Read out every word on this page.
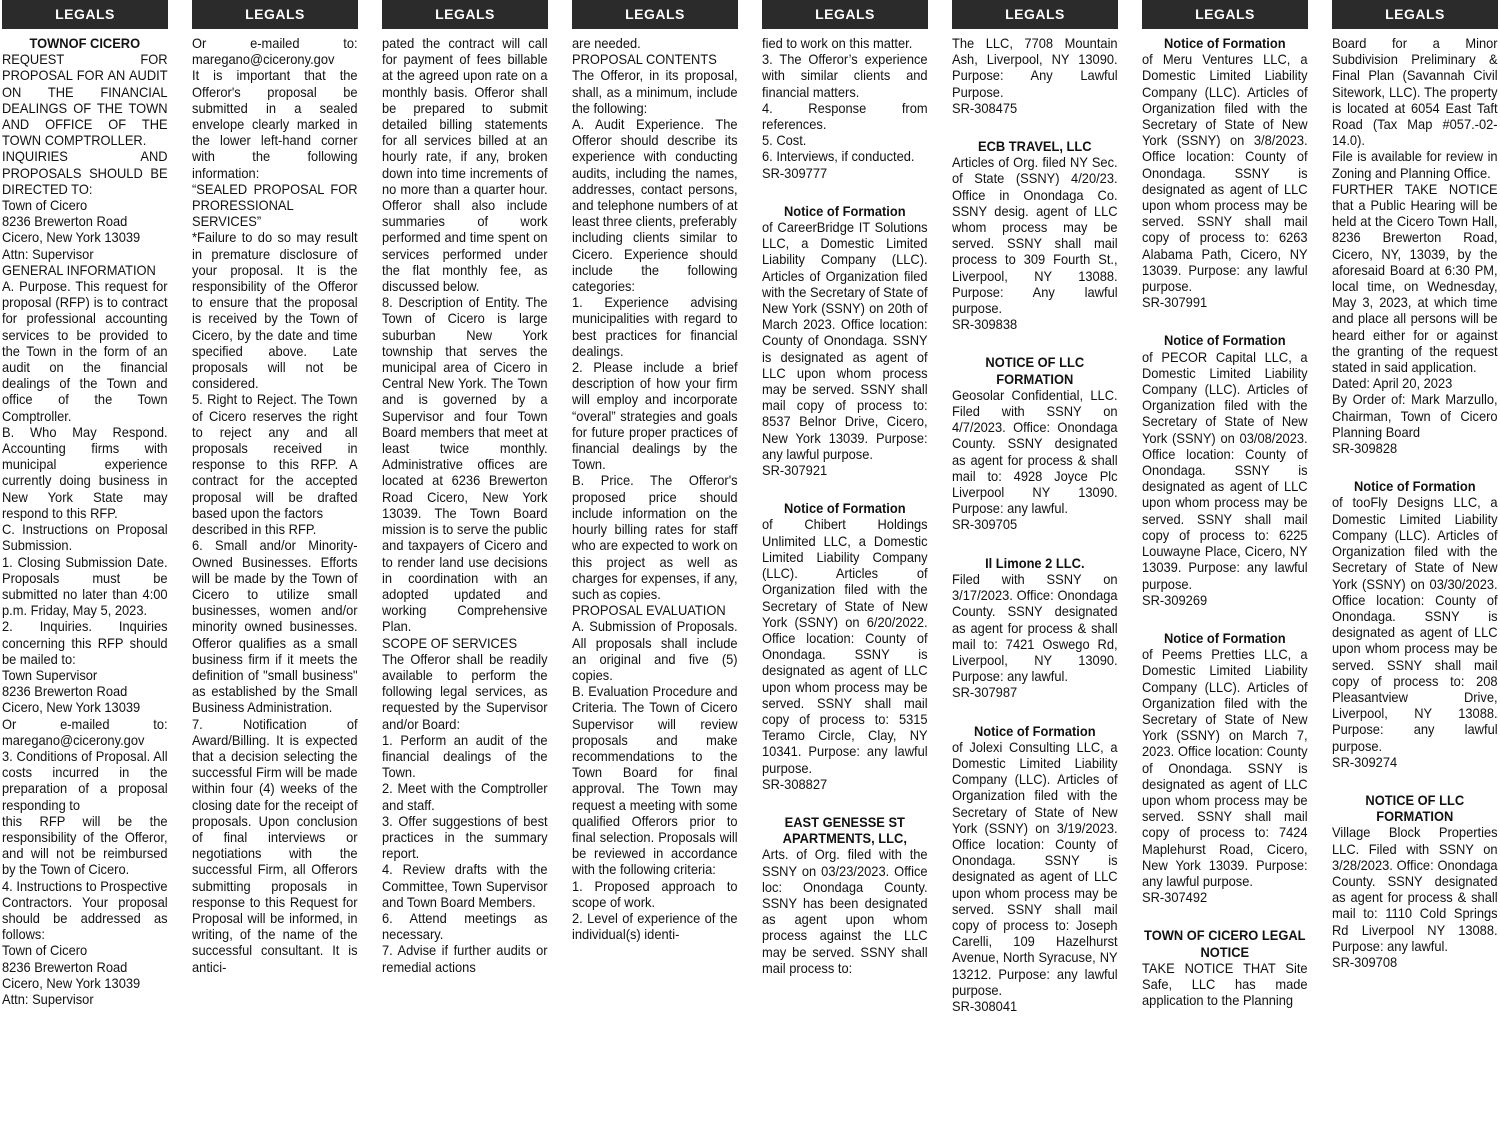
LEGALS
TOWNOF CICERO
REQUEST FOR PROPOSAL FOR AN AUDIT ON THE FINANCIAL DEALINGS OF THE TOWN AND OFFICE OF THE TOWN COMPTROLLER.
INQUIRIES AND PROPOSALS SHOULD BE DIRECTED TO:
Town of Cicero
8236 Brewerton Road
Cicero, New York 13039
Attn: Supervisor
GENERAL INFORMATION
A. Purpose. This request for proposal (RFP) is to contract for professional accounting services to be provided to the Town in the form of an audit on the financial dealings of the Town and office of the Town Comptroller.
B. Who May Respond. Accounting firms with municipal experience currently doing business in New York State may respond to this RFP.
C. Instructions on Proposal Submission.
1. Closing Submission Date. Proposals must be submitted no later than 4:00 p.m. Friday, May 5, 2023.
2. Inquiries. Inquiries concerning this RFP should be mailed to:
Town Supervisor
8236 Brewerton Road
Cicero, New York 13039
Or e-mailed to: maregano@cicerony.gov
3. Conditions of Proposal. All costs incurred in the preparation of a proposal responding to
this RFP will be the responsibility of the Offeror, and will not be reimbursed by the Town of Cicero.
4. Instructions to Prospective Contractors. Your proposal should be addressed as follows:
Town of Cicero
8236 Brewerton Road
Cicero, New York 13039
Attn: Supervisor
LEGALS
Or e-mailed to: maregano@cicerony.gov
It is important that the Offeror's proposal be submitted in a sealed envelope clearly marked in the lower left-hand corner with the following information:
“SEALED PROPOSAL FOR PRORESSIONAL SERVICES”
*Failure to do so may result in premature disclosure of your proposal. It is the responsibility of the Offeror to ensure that the proposal is received by the Town of Cicero, by the date and time specified above. Late proposals will not be considered.
5. Right to Reject. The Town of Cicero reserves the right to reject any and all proposals received in response to this RFP. A contract for the accepted proposal will be drafted based upon the factors
described in this RFP.
6. Small and/or Minority-Owned Businesses. Efforts will be made by the Town of Cicero to utilize small businesses, women and/or minority owned businesses. Offeror qualifies as a small business firm if it meets the definition of "small business" as established by the Small Business Administration.
7. Notification of Award/Billing. It is expected that a decision selecting the successful Firm will be made within four (4) weeks of the closing date for the receipt of proposals. Upon conclusion of final interviews or negotiations with the successful Firm, all Offerors submitting proposals in response to this Request for Proposal will be informed, in writing, of the name of the successful consultant. It is antici-
LEGALS
pated the contract will call for payment of fees billable at the agreed upon rate on a monthly basis. Offeror shall be prepared to submit detailed billing statements for all services billed at an hourly rate, if any, broken down into time increments of no more than a quarter hour. Offeror shall also include summaries of work performed and time spent on services performed under the flat monthly fee, as discussed below.
8. Description of Entity. The Town of Cicero is large suburban New York township that serves the municipal area of Cicero in Central New York. The Town and is governed by a Supervisor and four Town Board members that meet at least twice monthly. Administrative offices are located at 6236 Brewerton Road Cicero, New York 13039. The Town Board mission is to serve the public and taxpayers of Cicero and to render land use decisions in coordination with an adopted updated and working Comprehensive Plan.
SCOPE OF SERVICES
The Offeror shall be readily available to perform the following legal services, as requested by the Supervisor and/or Board:
1. Perform an audit of the financial dealings of the Town.
2. Meet with the Comptroller and staff.
3. Offer suggestions of best practices in the summary report.
4. Review drafts with the Committee, Town Supervisor and Town Board Members.
6. Attend meetings as necessary.
7. Advise if further audits or remedial actions
LEGALS
are needed.
PROPOSAL CONTENTS
The Offeror, in its proposal, shall, as a minimum, include the following:
A. Audit Experience. The Offeror should describe its experience with conducting audits, including the names, addresses, contact persons, and telephone numbers of at least three clients, preferably
including clients similar to Cicero. Experience should include the following categories:
1. Experience advising municipalities with regard to best practices for financial dealings.
2. Please include a brief description of how your firm will employ and incorporate “overal” strategies and goals for future proper practices of financial dealings by the Town.
B. Price. The Offeror's proposed price should include information on the hourly billing rates for staff who are expected to work on this project as well as charges for expenses, if any, such as copies.
PROPOSAL EVALUATION
A. Submission of Proposals. All proposals shall include an original and five (5) copies.
B. Evaluation Procedure and Criteria. The Town of Cicero Supervisor will review proposals and make recommendations to the Town Board for final approval. The Town may request a meeting with some qualified Offerors prior to final selection. Proposals will be reviewed in accordance with the following criteria:
1. Proposed approach to scope of work.
2. Level of experience of the individual(s) identi-
LEGALS
fied to work on this matter.
3. The Offeror’s experience with similar clients and financial matters.
4. Response from references.
5. Cost.
6. Interviews, if conducted.
SR-309777
Notice of Formation
of CareerBridge IT Solutions LLC, a Domestic Limited Liability Company (LLC). Articles of Organization filed with the Secretary of State of New York (SSNY) on 20th of March 2023. Office location: County of Onondaga. SSNY is designated as agent of LLC upon whom process may be served. SSNY shall mail copy of process to: 8537 Belnor Drive, Cicero, New York 13039. Purpose: any lawful purpose.
SR-307921
Notice of Formation
of Chibert Holdings Unlimited LLC, a Domestic Limited Liability Company (LLC). Articles of Organization filed with the Secretary of State of New York (SSNY) on 6/20/2022. Office location: County of Onondaga. SSNY is designated as agent of LLC upon whom process may be served. SSNY shall mail copy of process to: 5315 Teramo Circle, Clay, NY 10341. Purpose: any lawful purpose.
SR-308827
EAST GENESSE ST APARTMENTS, LLC,
Arts. of Org. filed with the SSNY on 03/23/2023. Office loc: Onondaga County. SSNY has been designated as agent upon whom process against the LLC may be served. SSNY shall mail process to:
LEGALS
The LLC, 7708 Mountain Ash, Liverpool, NY 13090. Purpose: Any Lawful Purpose.
SR-308475
ECB TRAVEL, LLC
Articles of Org. filed NY Sec. of State (SSNY) 4/20/23. Office in Onondaga Co. SSNY desig. agent of LLC whom process may be served. SSNY shall mail process to 309 Fourth St., Liverpool, NY 13088. Purpose: Any lawful purpose.
SR-309838
NOTICE OF LLC FORMATION
Geosolar Confidential, LLC. Filed with SSNY on 4/7/2023. Office: Onondaga County. SSNY designated as agent for process & shall mail to: 4928 Joyce Plc Liverpool NY 13090. Purpose: any lawful.
SR-309705
Il Limone 2 LLC.
Filed with SSNY on 3/17/2023. Office: Onondaga County. SSNY designated as agent for process & shall mail to: 7421 Oswego Rd, Liverpool, NY 13090. Purpose: any lawful.
SR-307987
Notice of Formation
of Jolexi Consulting LLC, a Domestic Limited Liability Company (LLC). Articles of Organization filed with the Secretary of State of New York (SSNY) on 3/19/2023. Office location: County of Onondaga. SSNY is designated as agent of LLC upon whom process may be served. SSNY shall mail copy of process to: Joseph Carelli, 109 Hazelhurst Avenue, North Syracuse, NY 13212. Purpose: any lawful purpose.
SR-308041
LEGALS
Notice of Formation
of Meru Ventures LLC, a Domestic Limited Liability Company (LLC). Articles of Organization filed with the Secretary of State of New York (SSNY) on 3/8/2023. Office location: County of Onondaga. SSNY is designated as agent of LLC upon whom process may be served. SSNY shall mail copy of process to: 6263 Alabama Path, Cicero, NY 13039. Purpose: any lawful purpose.
SR-307991
Notice of Formation
of PECOR Capital LLC, a Domestic Limited Liability Company (LLC). Articles of Organization filed with the Secretary of State of New York (SSNY) on 03/08/2023. Office location: County of Onondaga. SSNY is designated as agent of LLC upon whom process may be served. SSNY shall mail copy of process to: 6225 Louwayne Place, Cicero, NY 13039. Purpose: any lawful purpose.
SR-309269
Notice of Formation
of Peems Pretties LLC, a Domestic Limited Liability Company (LLC). Articles of Organization filed with the Secretary of State of New York (SSNY) on March 7, 2023. Office location: County of Onondaga. SSNY is designated as agent of LLC upon whom process may be served. SSNY shall mail copy of process to: 7424 Maplehurst Road, Cicero, New York 13039. Purpose: any lawful purpose.
SR-307492
TOWN OF CICERO LEGAL NOTICE
TAKE NOTICE THAT Site Safe, LLC has made application to the Planning
LEGALS
Board for a Minor Subdivision Preliminary & Final Plan (Savannah Civil Sitework, LLC). The property is located at 6054 East Taft Road (Tax Map #057.-02-14.0).
File is available for review in Zoning and Planning Office.
FURTHER TAKE NOTICE that a Public Hearing will be held at the Cicero Town Hall, 8236 Brewerton Road, Cicero, NY, 13039, by the aforesaid Board at 6:30 PM, local time, on Wednesday, May 3, 2023, at which time and place all persons will be heard either for or against the granting of the request stated in said application.
Dated: April 20, 2023
By Order of: Mark Marzullo, Chairman, Town of Cicero Planning Board
SR-309828
Notice of Formation
of tooFly Designs LLC, a Domestic Limited Liability Company (LLC). Articles of Organization filed with the Secretary of State of New York (SSNY) on 03/30/2023. Office location: County of Onondaga. SSNY is designated as agent of LLC upon whom process may be served. SSNY shall mail copy of process to: 208 Pleasantview Drive, Liverpool, NY 13088. Purpose: any lawful purpose.
SR-309274
NOTICE OF LLC FORMATION
Village Block Properties LLC. Filed with SSNY on 3/28/2023. Office: Onondaga County. SSNY designated as agent for process & shall mail to: 1110 Cold Springs Rd Liverpool NY 13088. Purpose: any lawful.
SR-309708
